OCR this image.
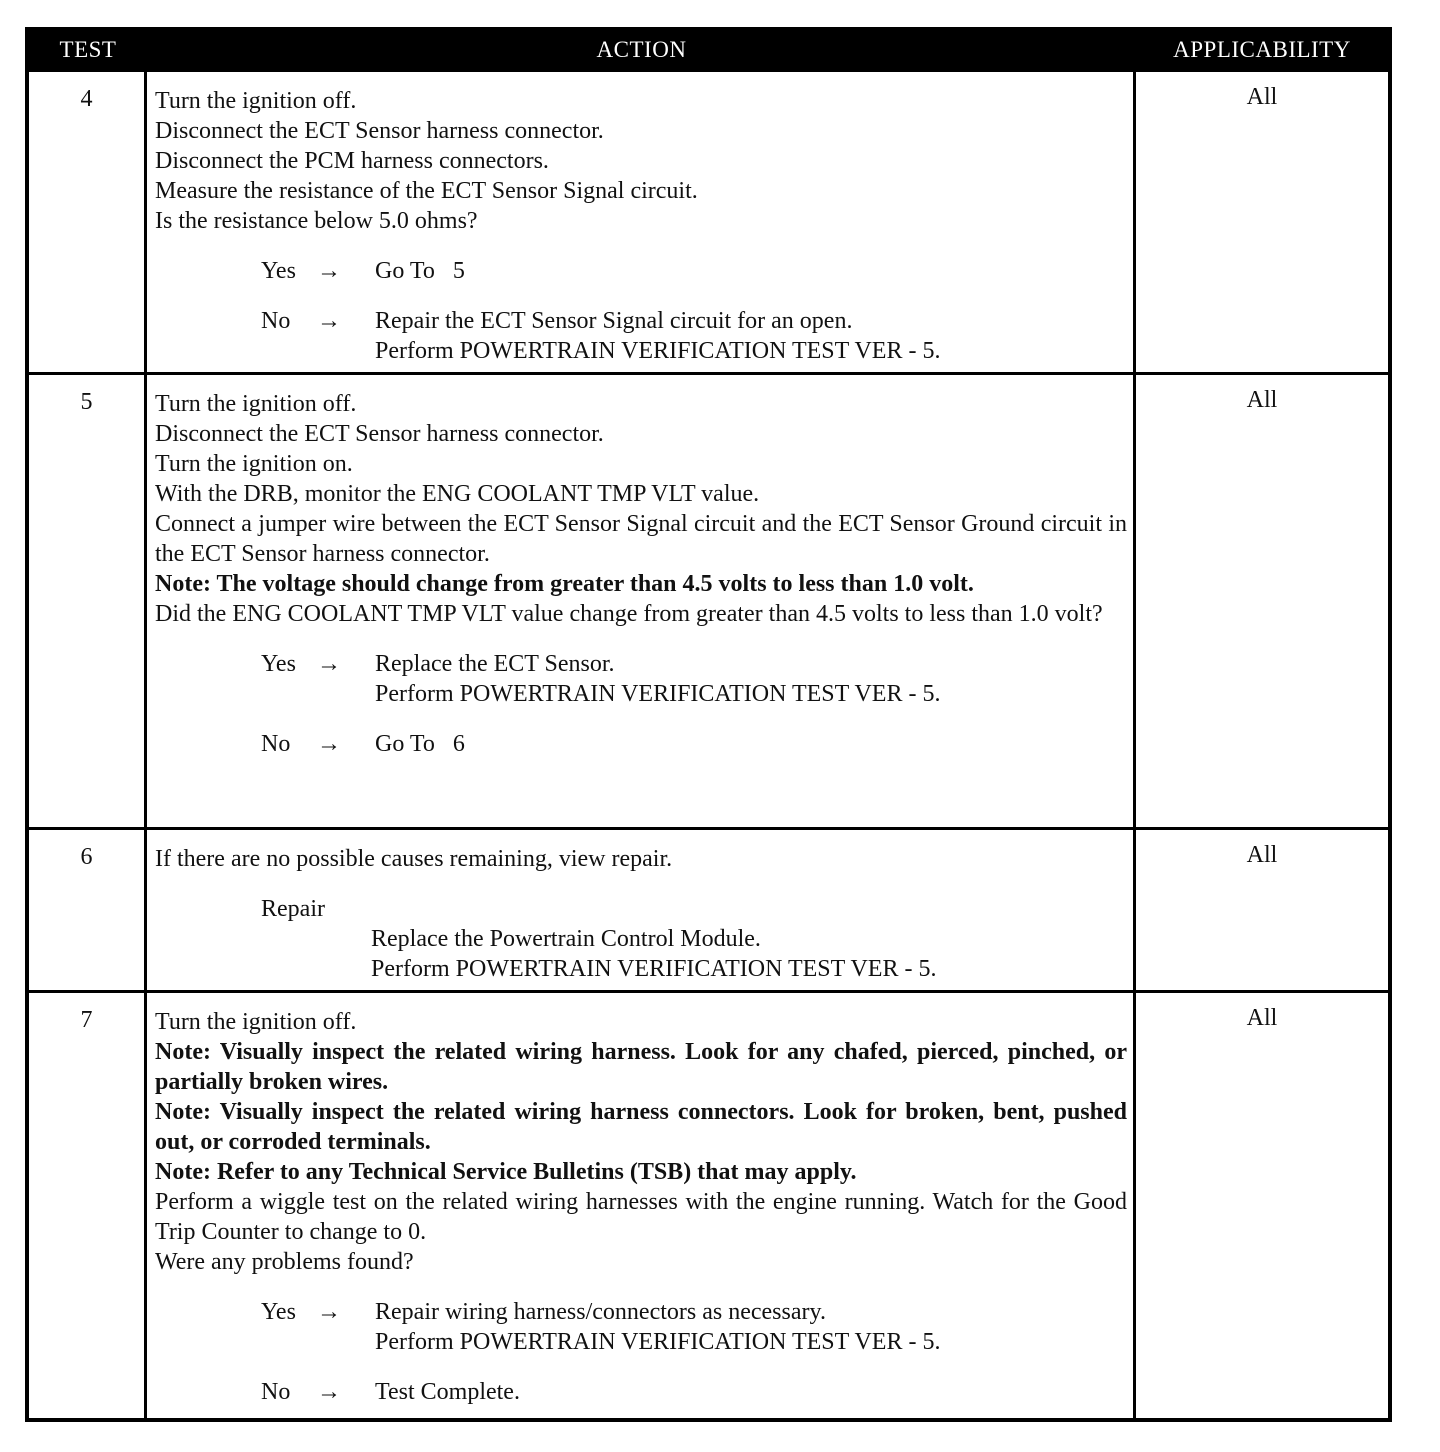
TEST	ACTION	APPLICABILITY
4	Turn the ignition off.
Disconnect the ECT Sensor harness connector.
Disconnect the PCM harness connectors.
Measure the resistance of the ECT Sensor Signal circuit.
Is the resistance below 5.0 ohms?
Yes →	Go To   5
No	→	Repair the ECT Sensor Signal circuit for an open.
Perform POWERTRAIN VERIFICATION TEST VER - 5.
All
5	Turn the ignition off.
Disconnect the ECT Sensor harness connector.
Turn the ignition on.
With the DRB, monitor the ENG COOLANT TMP VLT value.
Connect a jumper wire between the ECT Sensor Signal circuit and the ECT Sensor Ground circuit in the ECT Sensor harness connector.
Note: The voltage should change from greater than 4.5 volts to less than 1.0 volt.
Did the ENG COOLANT TMP VLT value change from greater than 4.5 volts to less than 1.0 volt?
Yes →	Replace the ECT Sensor.
Perform POWERTRAIN VERIFICATION TEST VER - 5.
No	→	Go To   6
All
6	If there are no possible causes remaining, view repair.
Repair
Replace the Powertrain Control Module.
Perform POWERTRAIN VERIFICATION TEST VER - 5.
All
7	Turn the ignition off.
Note: Visually inspect the related wiring harness. Look for any chafed, pierced, pinched, or partially broken wires.
Note: Visually inspect the related wiring harness connectors. Look for broken, bent, pushed out, or corroded terminals.
Note: Refer to any Technical Service Bulletins (TSB) that may apply.
Perform a wiggle test on the related wiring harnesses with the engine running. Watch for the Good Trip Counter to change to 0.
Were any problems found?
Yes →	Repair wiring harness/connectors as necessary.
Perform POWERTRAIN VERIFICATION TEST VER - 5.
No	→	Test Complete.
All
